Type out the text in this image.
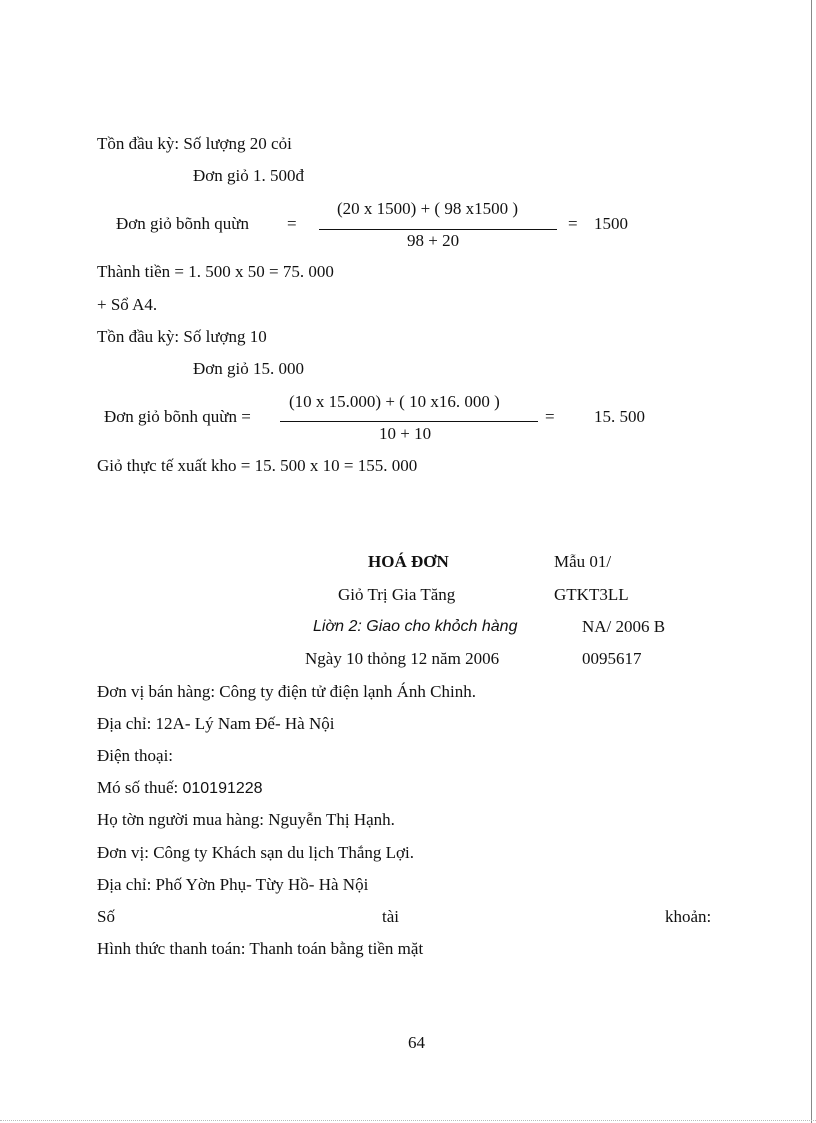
Tồn đầu kỳ: Số lượng 20 cỏi
Đơn giỏ 1. 500đ
Đơn giỏ bõnh quừn =
(20 x 1500) + ( 98 x1500 )
98 + 20
= 1500
Thành tiền = 1. 500 x 50 = 75. 000
+ Sổ A4.
Tồn đầu kỳ: Số lượng 10
Đơn giỏ 15. 000
Đơn giỏ bõnh quừn =
(10 x 15.000) + ( 10 x16. 000 )
10 + 10
= 15. 500
Giỏ thực tế xuất kho = 15. 500 x 10 = 155. 000
HOÁ ĐƠN	Mẫu 01/
Giỏ Trị Gia Tăng	GTKT3LL
Liờn 2: Giao cho khỏch hàng	NA/ 2006 B
Ngày 10 thỏng 12 năm 2006	0095617
Đơn vị bán hàng: Công ty điện tử điện lạnh Ánh Chinh.
Địa chỉ: 12A- Lý Nam Đế- Hà Nội
Điện thoại:
Mó số thuế: 010191228
Họ tờn người mua hàng: Nguyễn Thị Hạnh.
Đơn vị: Công ty Khách sạn du lịch Thắng Lợi.
Địa chỉ: Phố Yờn Phụ- Từy Hồ- Hà Nội
Số	tài	khoản:
Hình thức thanh toán: Thanh toán bằng tiền mặt
64
